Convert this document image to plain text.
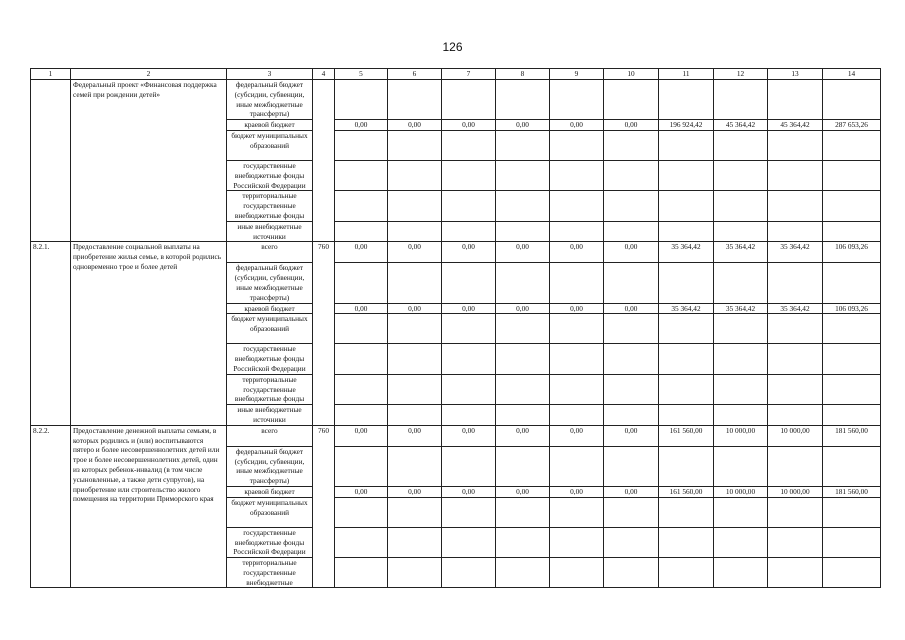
126
1	2	3	4	5	6	7	8	9	10	11	12	13	14
	Федеральный проект «Финансовая поддержка семей при рождении детей»	федеральный бюджет (субсидии, субвенции, иные межбюджетные трансферты)											
		краевой бюджет		0,00	0,00	0,00	0,00	0,00	0,00	196 924,42	45 364,42	45 364,42	287 653,26
		бюджет муниципальных образований											
		государственные внебюджетные фонды Российской Федерации											
		территориальные государственные внебюджетные фонды											
		иные внебюджетные источники											
8.2.1.	Предоставление социальной выплаты на приобретение жилья семье, в которой родились одновременно трое и более детей	всего	760	0,00	0,00	0,00	0,00	0,00	0,00	35 364,42	35 364,42	35 364,42	106 093,26
		федеральный бюджет (субсидии, субвенции, иные межбюджетные трансферты)											
		краевой бюджет		0,00	0,00	0,00	0,00	0,00	0,00	35 364,42	35 364,42	35 364,42	106 093,26
		бюджет муниципальных образований											
		государственные внебюджетные фонды Российской Федерации											
		территориальные государственные внебюджетные фонды											
		иные внебюджетные источники											
8.2.2.	Предоставление денежной выплаты семьям, в которых родились и (или) воспитываются пятеро и более несовершеннолетних детей или трое и более несовершеннолетних детей, один из которых ребенок-инвалид (в том числе усыновленные, а также дети супругов), на приобретение или строительство жилого помещения на территории Приморского края	всего	760	0,00	0,00	0,00	0,00	0,00	0,00	161 560,00	10 000,00	10 000,00	181 560,00
		федеральный бюджет (субсидии, субвенции, иные межбюджетные трансферты)											
		краевой бюджет		0,00	0,00	0,00	0,00	0,00	0,00	161 560,00	10 000,00	10 000,00	181 560,00
		бюджет муниципальных образований											
		государственные внебюджетные фонды Российской Федерации											
		территориальные государственные внебюджетные											
